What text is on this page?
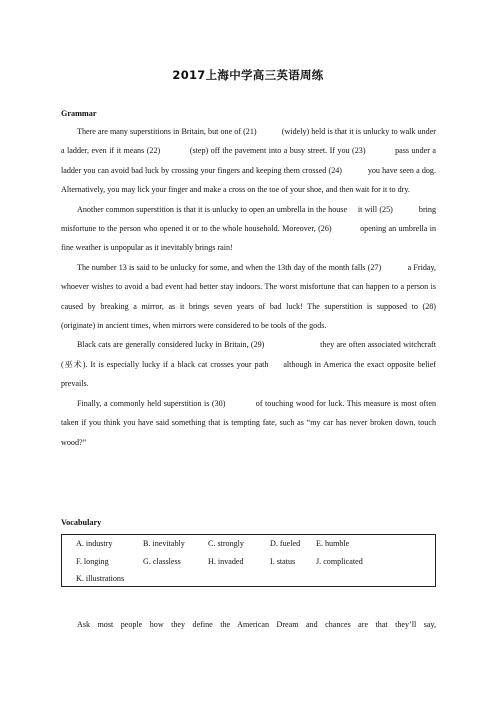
2017上海中学高三英语周练
Grammar

There are many superstitions in Britain, but one of (21)            (widely) held is that it is unlucky to walk under a ladder, even if it means (22)            (step) off the pavement into a busy street. If you (23)            pass under a ladder you can avoid bad luck by crossing your fingers and keeping them crossed (24)            you have seen a dog. Alternatively, you may lick your finger and make a cross on the toe of your shoe, and then wait for it to dry.

Another common superstition is that it is unlucky to open an umbrella in the house     it will (25)            bring misfortune to the person who opened it or to the whole household. Moreover, (26)            opening an umbrella in fine weather is unpopular as it inevitably brings rain!

The number 13 is said to be unlucky for some, and when the 13th day of the month falls (27)            a Friday, whoever wishes to avoid a bad event had better stay indoors. The worst misfortune that can happen to a person is caused by breaking a mirror, as it brings seven years of bad luck! The superstition is supposed to (28)            (originate) in ancient times, when mirrors were considered to be tools of the gods.

Black cats are generally considered lucky in Britain, (29)                        they are often associated witchcraft (巫术). It is especially lucky if a black cat crosses your path     although in America the exact opposite belief prevails.

Finally, a commonly held superstition is (30)            of touching wood for luck. This measure is most often taken if you think you have said something that is tempting fate, such as “my car has never broken down, touch wood?”

Vocabulary
A. industry	B. inevitably	C. strongly	D. fueled E. humble
F. longing	G. classless	H. invaded	I. status	J. complicated
K. illustrations
Ask most people how they define the American Dream and chances are that they’ll say,
